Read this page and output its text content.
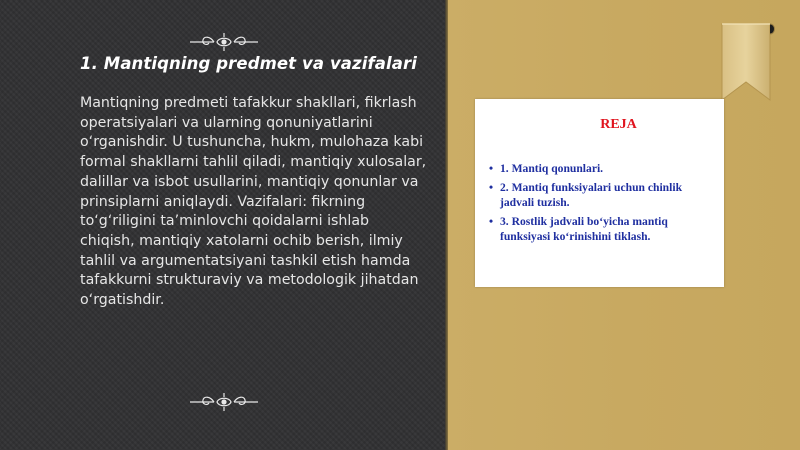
1. Mantiqning predmet va vazifalari
Mantiqning predmeti tafakkur shakllari, fikrlash operatsiyalari va ularning qonuniyatlarini o‘rganishdir. U tushuncha, hukm, mulohaza kabi formal shakllarni tahlil qiladi, mantiqiy xulosalar, dalillar va isbot usullarini, mantiqiy qonunlar va prinsiplarni aniqlaydi. Vazifalari: fikrning to‘g‘riligini ta’minlovchi qoidalarni ishlab chiqish, mantiqiy xatolarni ochib berish, ilmiy tahlil va argumentatsiyani tashkil etish hamda tafakkurni strukturaviy va metodologik jihatdan o‘rgatishdir.
REJA
• 1. Mantiq qonunlari.
• 2. Mantiq funksiyalari uchun chinlik jadvali tuzish.
• 3. Rostlik jadvali bo‘yicha mantiq funksiyasi ko‘rinishini tiklash.
